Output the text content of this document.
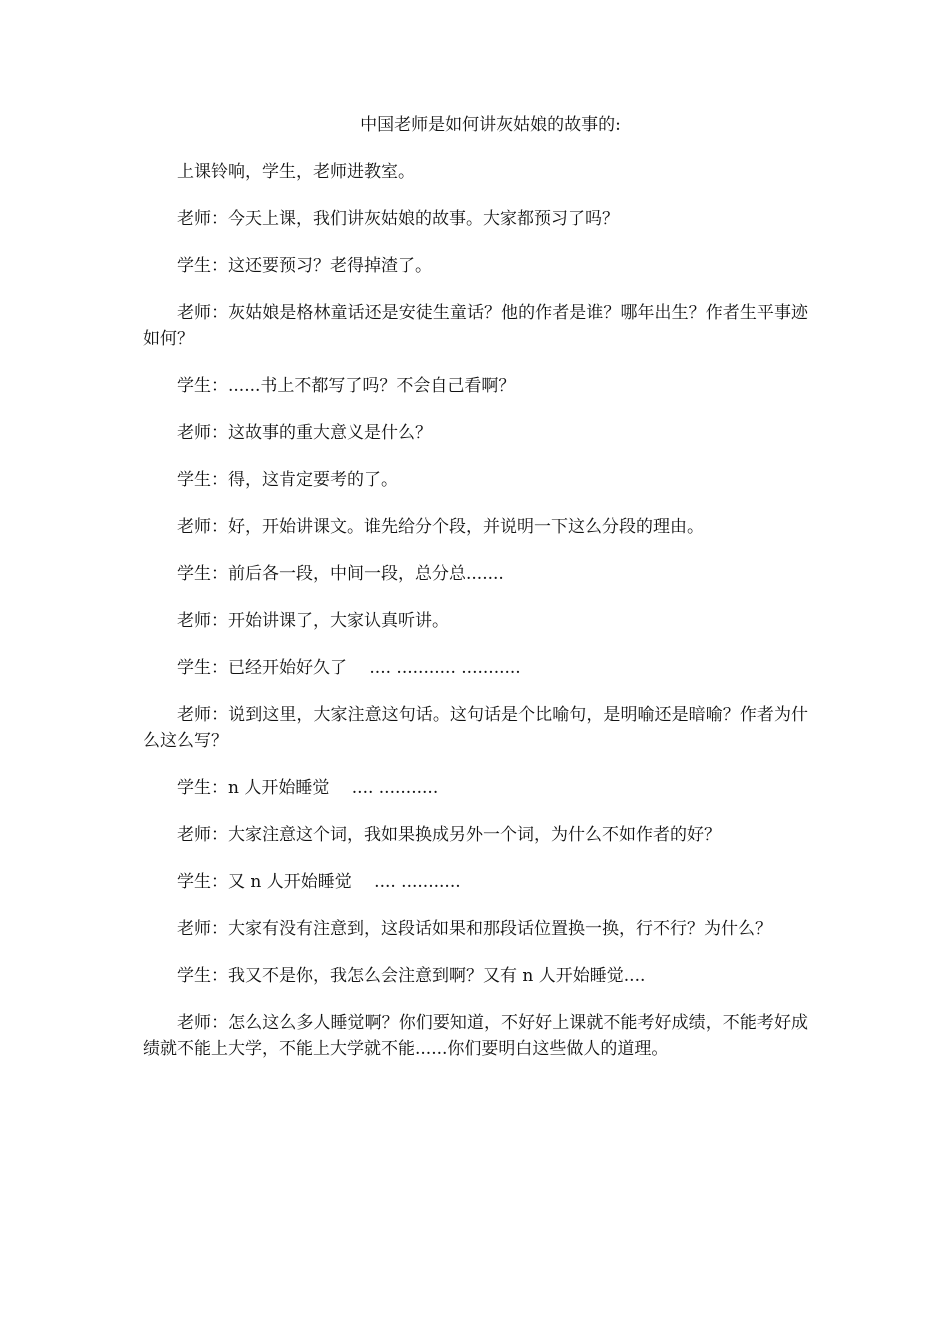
中国老师是如何讲灰姑娘的故事的:

上课铃响，学生，老师进教室。

老师：今天上课，我们讲灰姑娘的故事。大家都预习了吗？

学生：这还要预习？老得掉渣了。

老师：灰姑娘是格林童话还是安徒生童话？他的作者是谁？哪年出生？作者生平事迹如何？

学生：......书上不都写了吗？不会自己看啊？

老师：这故事的重大意义是什么？

学生：得，这肯定要考的了。

老师：好，开始讲课文。谁先给分个段，并说明一下这么分段的理由。

学生：前后各一段，中间一段，总分总.......

老师：开始讲课了，大家认真听讲。

学生：已经开始好久了　 .... ........... ...........

老师：说到这里，大家注意这句话。这句话是个比喻句，是明喻还是暗喻？作者为什么这么写？

学生：n 人开始睡觉　 .... ...........

老师：大家注意这个词，我如果换成另外一个词，为什么不如作者的好？

学生：又 n 人开始睡觉　 .... ...........

老师：大家有没有注意到，这段话如果和那段话位置换一换，行不行？为什么？

学生：我又不是你，我怎么会注意到啊？又有 n 人开始睡觉....

老师：怎么这么多人睡觉啊？你们要知道，不好好上课就不能考好成绩，不能考好成绩就不能上大学，不能上大学就不能......你们要明白这些做人的道理。
